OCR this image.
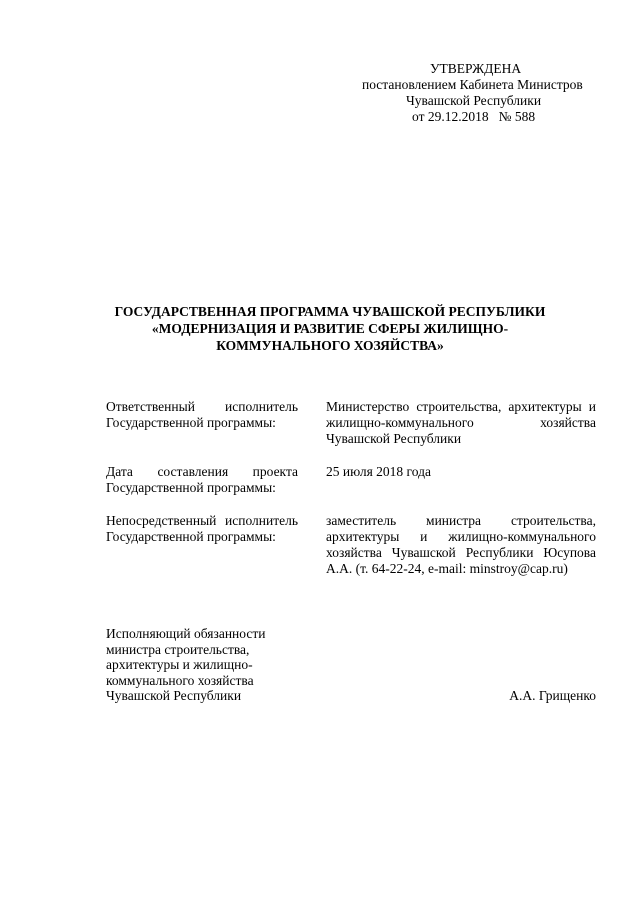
УТВЕРЖДЕНА
постановлением Кабинета Министров
Чувашской Республики
от 29.12.2018 № 588
ГОСУДАРСТВЕННАЯ ПРОГРАММА ЧУВАШСКОЙ РЕСПУБЛИКИ
«МОДЕРНИЗАЦИЯ И РАЗВИТИЕ СФЕРЫ ЖИЛИЩНО-
КОММУНАЛЬНОГО ХОЗЯЙСТВА»
Ответственный исполнитель Государственной программы:
Министерство строительства, архитектуры и жилищно-коммунального хозяйства Чувашской Республики
Дата составления проекта Государственной программы:
25 июля 2018 года
Непосредственный исполнитель Государственной программы:
заместитель министра строительства, архитектуры и жилищно-коммунального хозяйства Чувашской Республики Юсупова А.А. (т. 64-22-24, e-mail: minstroy@cap.ru)
Исполняющий обязанности
министра строительства,
архитектуры и жилищно-
коммунального хозяйства
Чувашской Республики	А.А. Грищенко
